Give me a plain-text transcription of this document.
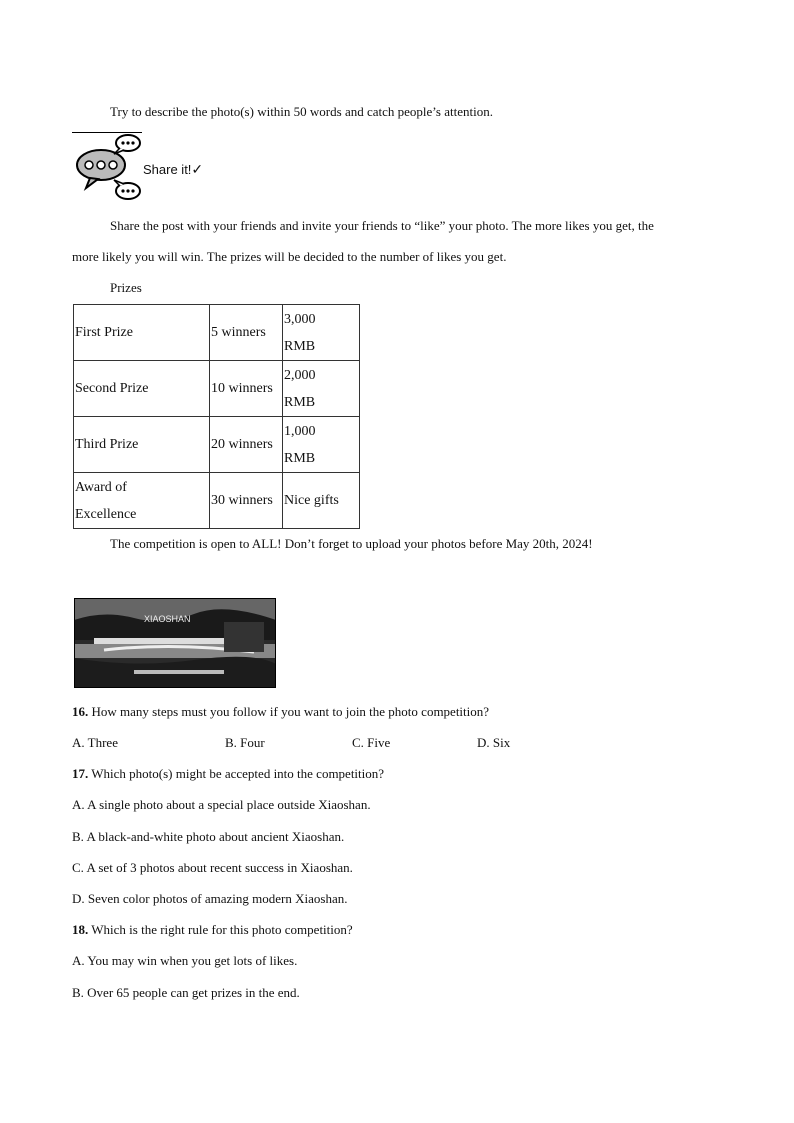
Try to describe the photo(s) within 50 words and catch people’s attention.
Share it!✓
Share the post with your friends and invite your friends to “like” your photo. The more likes you get, the
more likely you will win. The prizes will be decided to the number of likes you get.
Prizes
First Prize	5 winners	3,000
RMB
Second Prize	10 winners	2,000
RMB
Third Prize	20 winners	1,000
RMB
Award of
Excellence	30 winners	Nice gifts
The competition is open to ALL! Don’t forget to upload your photos before May 20th, 2024!
XIAOSHAN
16. How many steps must you follow if you want to join the photo competition?
A. Three	B. Four	C. Five	D. Six
17. Which photo(s) might be accepted into the competition?
A. A single photo about a special place outside Xiaoshan.
B. A black-and-white photo about ancient Xiaoshan.
C. A set of 3 photos about recent success in Xiaoshan.
D. Seven color photos of amazing modern Xiaoshan.
18. Which is the right rule for this photo competition?
A. You may win when you get lots of likes.
B. Over 65 people can get prizes in the end.
